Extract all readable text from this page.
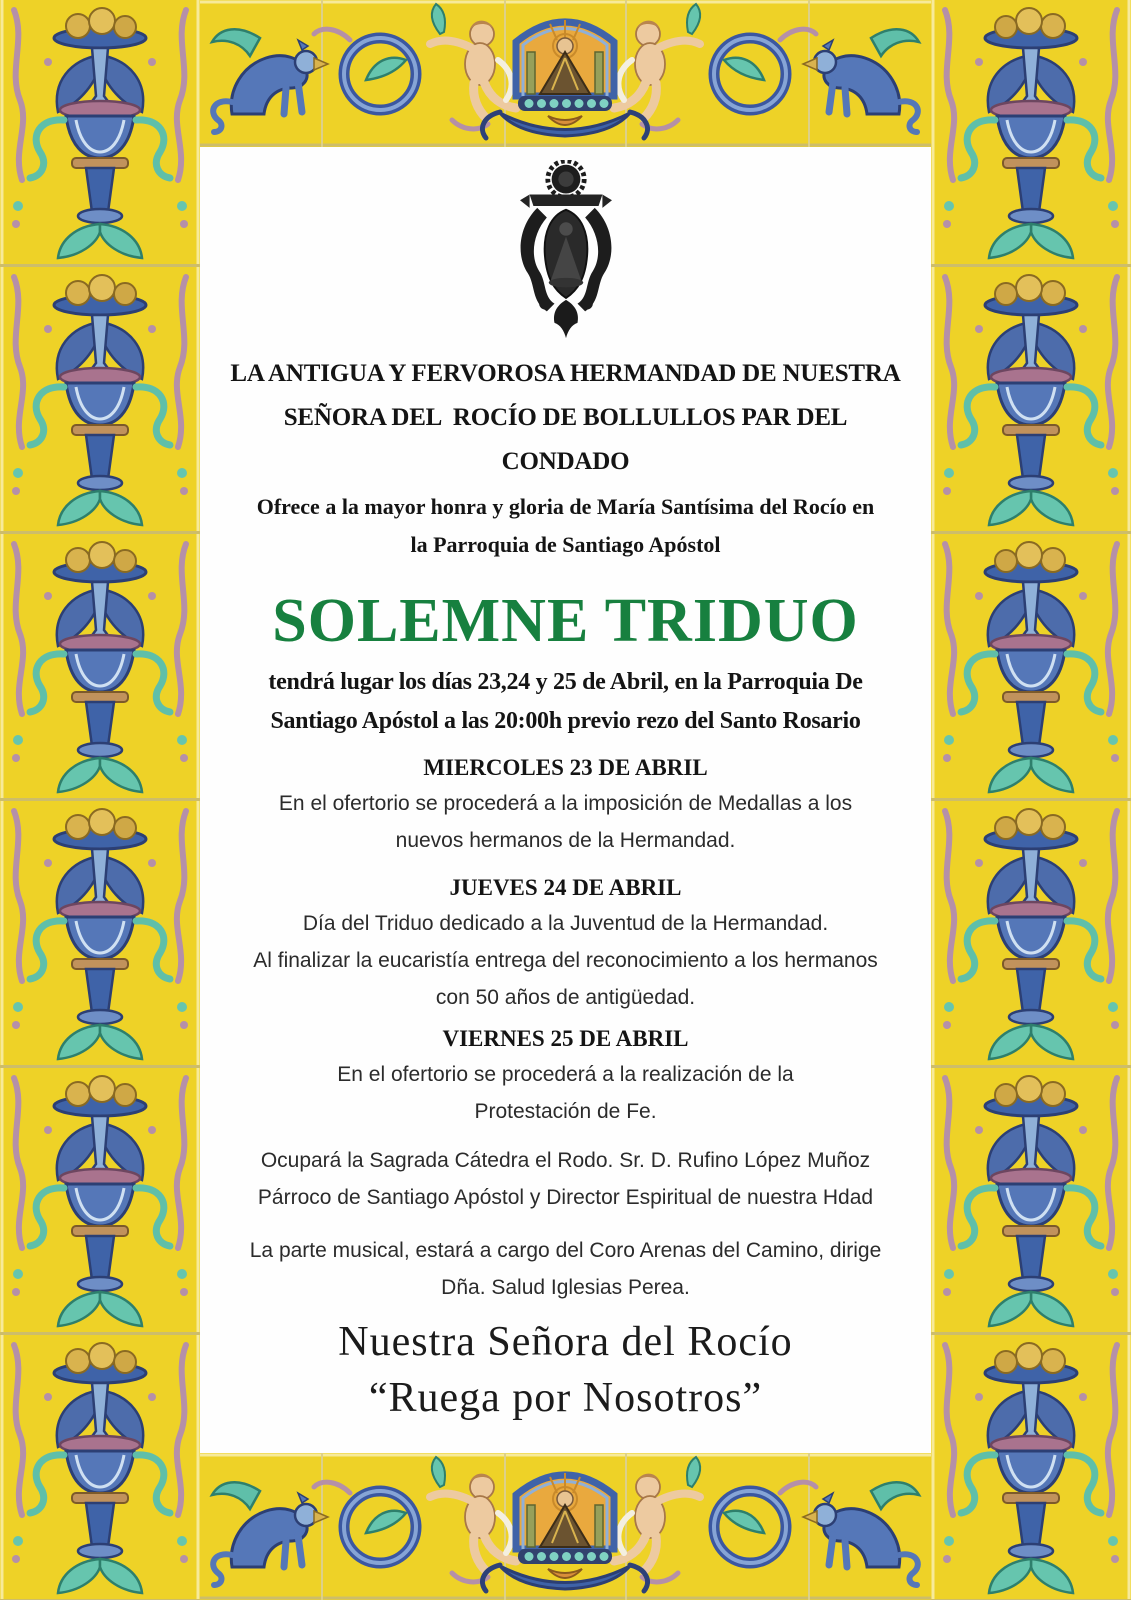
LA ANTIGUA Y FERVOROSA HERMANDAD DE NUESTRA
SEÑORA DEL  ROCÍO DE BOLLULLOS PAR DEL
CONDADO
Ofrece a la mayor honra y gloria de María Santísima del Rocío en
la Parroquia de Santiago Apóstol
SOLEMNE TRIDUO
tendrá lugar los días 23,24 y 25 de Abril, en la Parroquia De
Santiago Apóstol a las 20:00h previo rezo del Santo Rosario
MIERCOLES 23 DE ABRIL
En el ofertorio se procederá a la imposición de Medallas a los
nuevos hermanos de la Hermandad.
JUEVES 24 DE ABRIL
Día del Triduo dedicado a la Juventud de la Hermandad.
Al finalizar la eucaristía entrega del reconocimiento a los hermanos
con 50 años de antigüedad.
VIERNES 25 DE ABRIL
En el ofertorio se procederá a la realización de la
Protestación de Fe.
Ocupará la Sagrada Cátedra el Rodo. Sr. D. Rufino López Muñoz
Párroco de Santiago Apóstol y Director Espiritual de nuestra Hdad
La parte musical, estará a cargo del Coro Arenas del Camino, dirige
Dña. Salud Iglesias Perea.
Nuestra Señora del Rocío
“Ruega por Nosotros”
